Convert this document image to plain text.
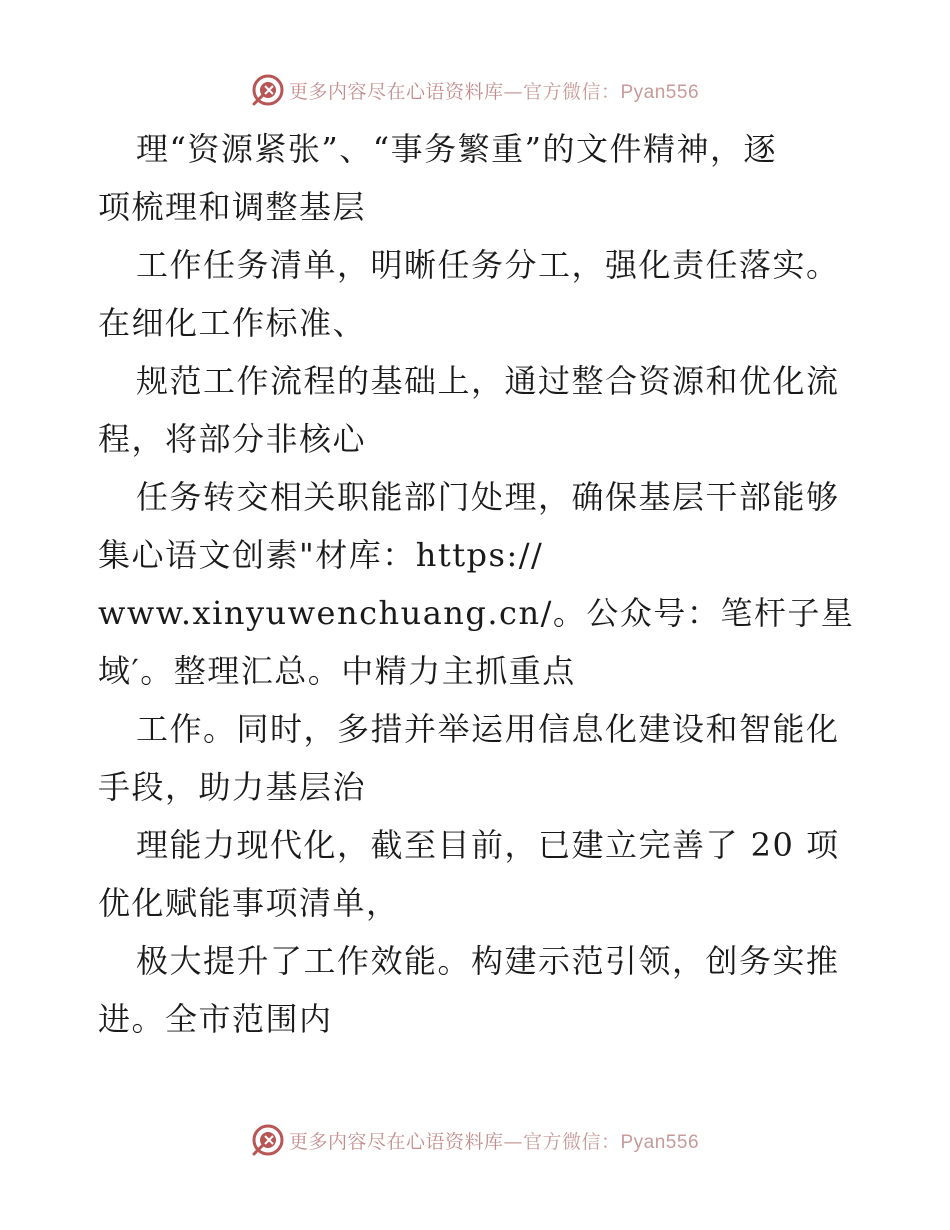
更多内容尽在心语资料库—官方微信：Pyan556
理“资源紧张”、“事务繁重”的文件精神，逐
项梳理和调整基层
工作任务清单，明晰任务分工，强化责任落实。
在细化工作标准、
规范工作流程的基础上，通过整合资源和优化流
程，将部分非核心
任务转交相关职能部门处理，确保基层干部能够
集心语文创素"材库：https://
www.xinyuwenchuang.cn/。公众号：笔杆子星
域′。整理汇总。中精力主抓重点
工作。同时，多措并举运用信息化建设和智能化
手段，助力基层治
理能力现代化，截至目前，已建立完善了 20 项
优化赋能事项清单，
极大提升了工作效能。构建示范引领，创务实推
进。全市范围内
更多内容尽在心语资料库—官方微信：Pyan556
